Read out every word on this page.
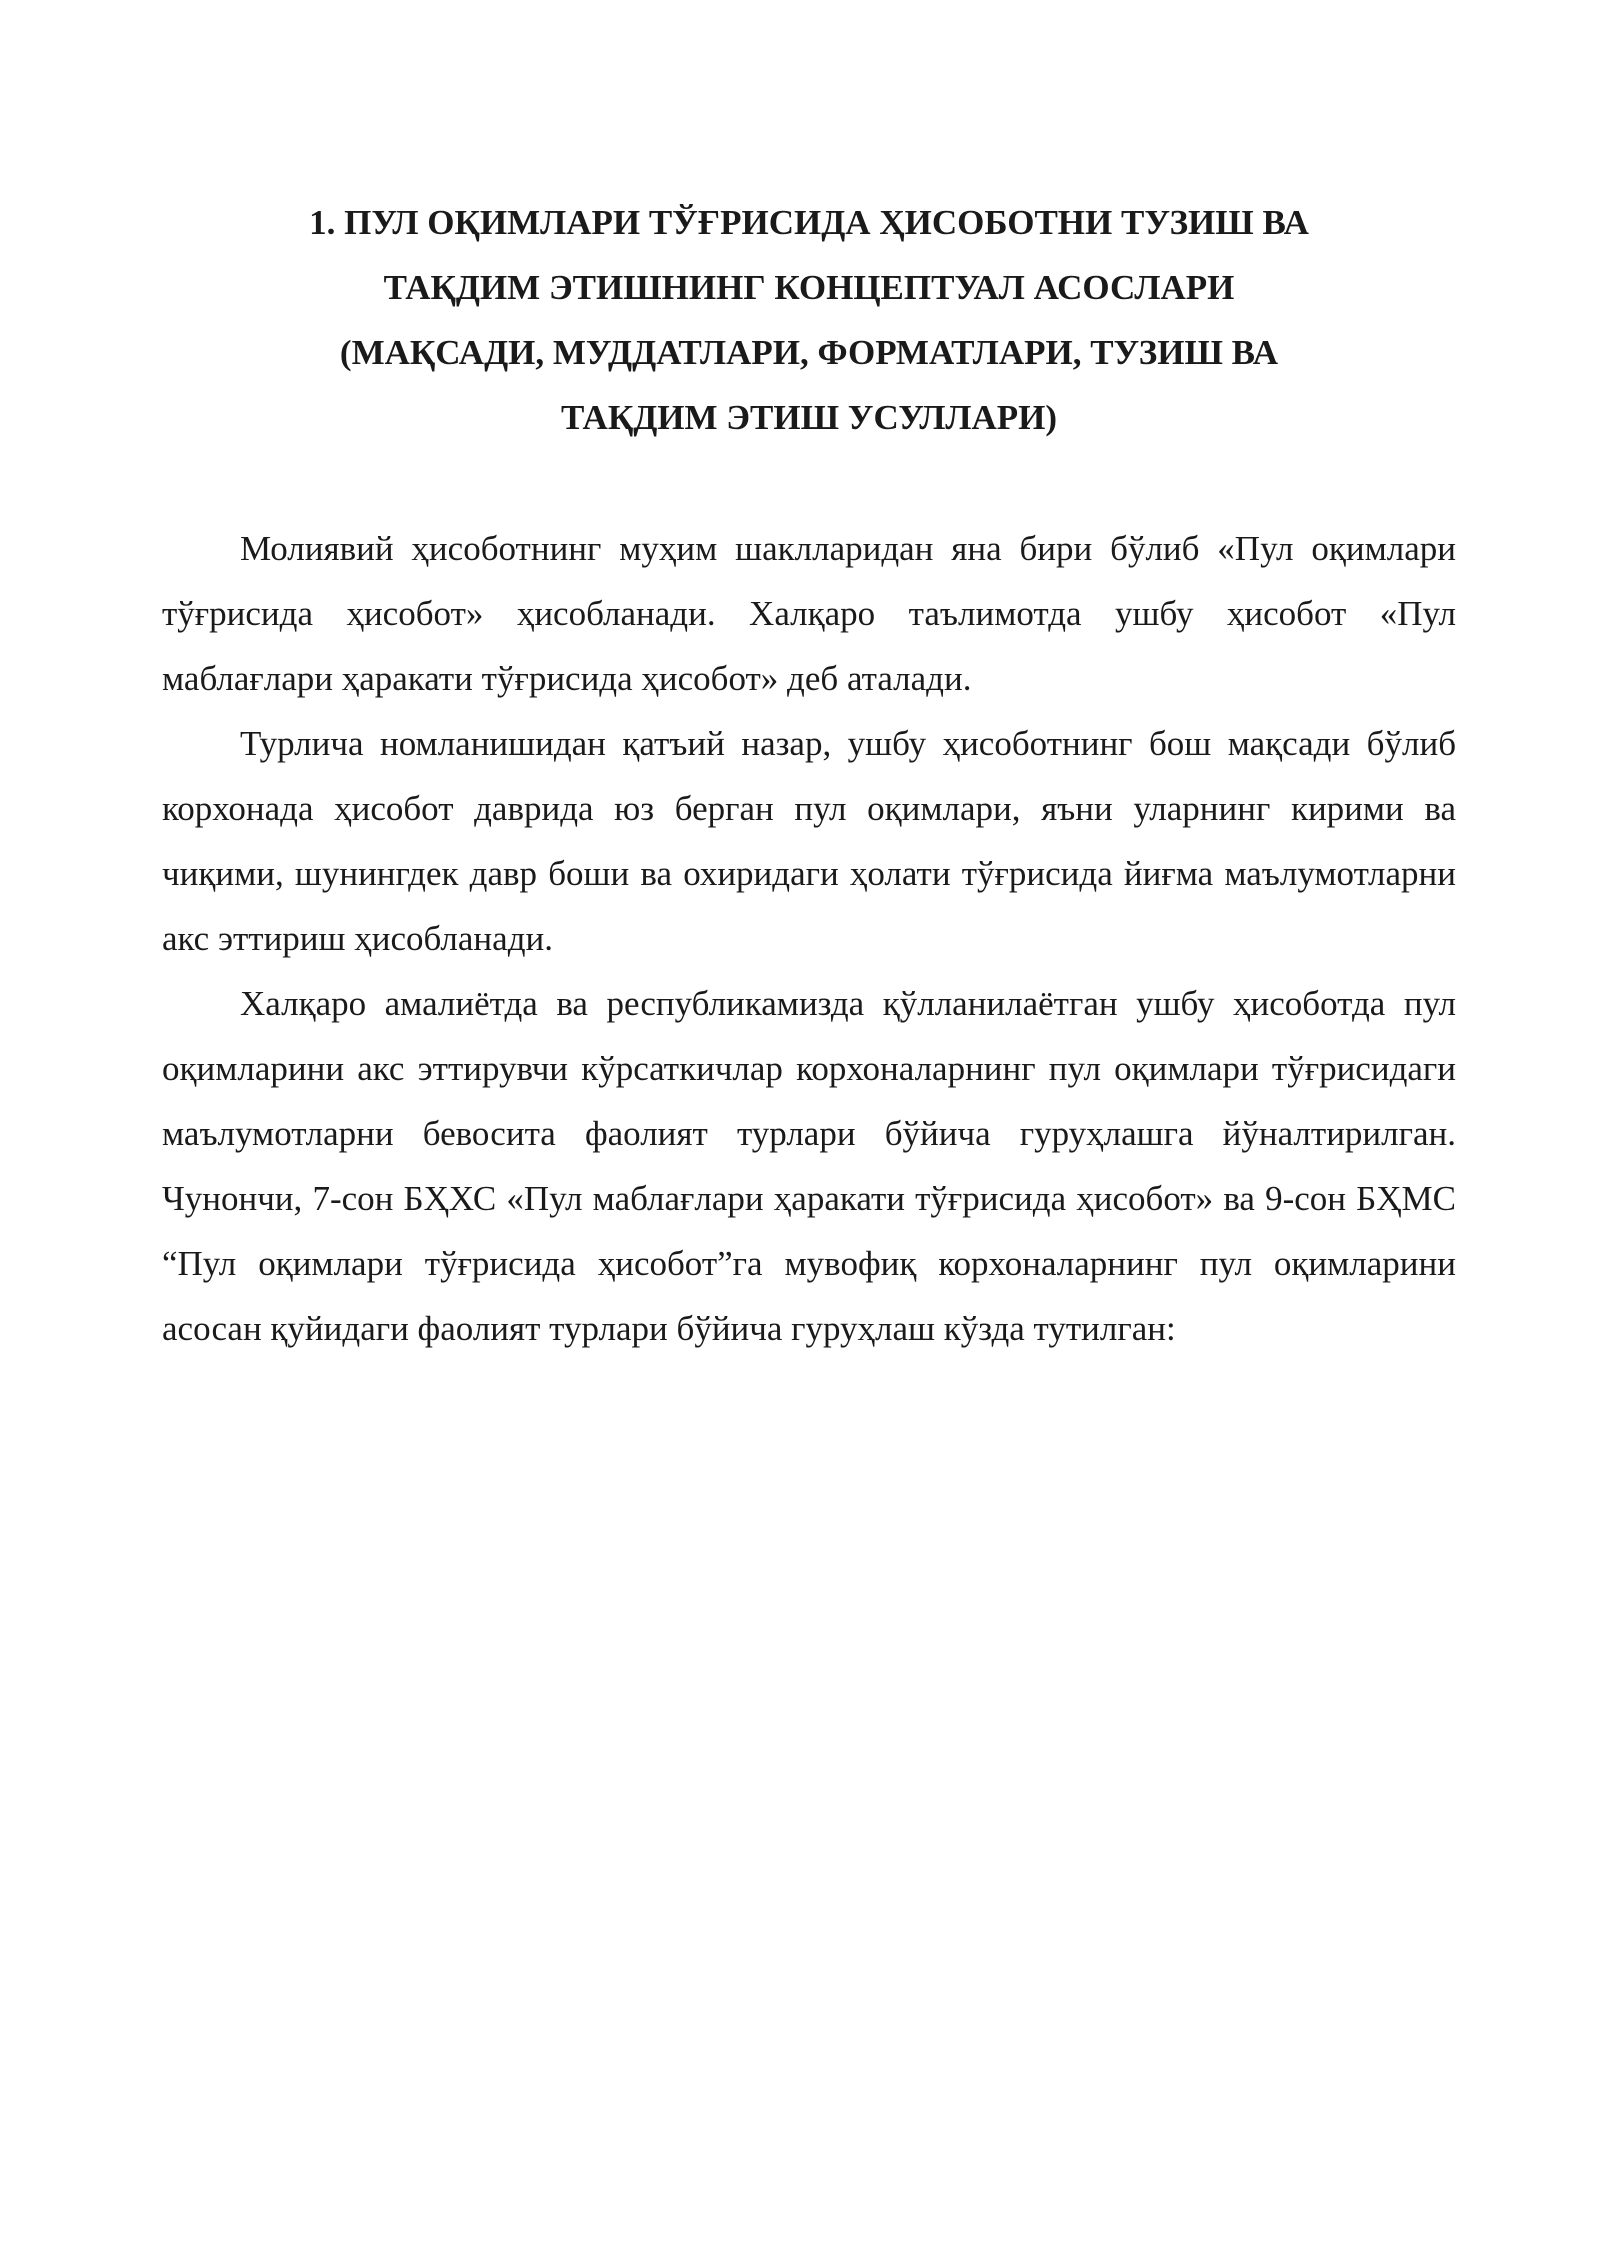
1. ПУЛ ОҚИМЛАРИ ТЎҒРИСИДА ҲИСОБОТНИ ТУЗИШ ВА
ТАҚДИМ ЭТИШНИНГ КОНЦЕПТУАЛ АСОСЛАРИ
(МАҚСАДИ, МУДДАТЛАРИ, ФОРМАТЛАРИ, ТУЗИШ ВА
ТАҚДИМ ЭТИШ УСУЛЛАРИ)

Молиявий ҳисоботнинг муҳим шаклларидан яна бири бўлиб «Пул оқимлари тўғрисида ҳисобот» ҳисобланади. Халқаро таълимотда ушбу ҳисобот «Пул маблағлари ҳаракати тўғрисида ҳисобот» деб аталади.

Турлича номланишидан қатъий назар, ушбу ҳисоботнинг бош мақсади бўлиб корхонада ҳисобот даврида юз берган пул оқимлари, яъни уларнинг кирими ва чиқими, шунингдек давр боши ва охиридаги ҳолати тўғрисида йиғма маълумотларни акс эттириш ҳисобланади.

Халқаро амалиётда ва республикамизда қўлланилаётган ушбу ҳисоботда пул оқимларини акс эттирувчи кўрсаткичлар корхоналарнинг пул оқимлари тўғрисидаги маълумотларни бевосита фаолият турлари бўйича гуруҳлашга йўналтирилган. Чунончи, 7-сон БҲХС «Пул маблағлари ҳаракати тўғрисида ҳисобот» ва 9-сон БҲМС “Пул оқимлари тўғрисида ҳисобот”га мувофиқ корхоналарнинг пул оқимларини асосан қуйидаги фаолият турлари бўйича гуруҳлаш кўзда тутилган:
